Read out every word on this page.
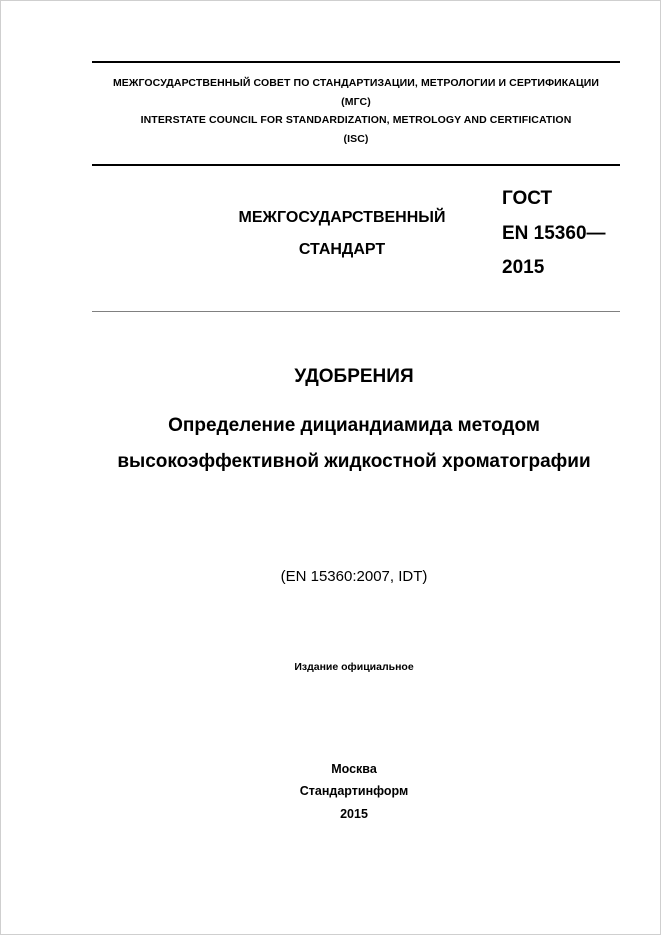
МЕЖГОСУДАРСТВЕННЫЙ СОВЕТ ПО СТАНДАРТИЗАЦИИ, МЕТРОЛОГИИ И СЕРТИФИКАЦИИ
(МГС)
INTERSTATE COUNCIL FOR STANDARDIZATION, METROLOGY AND CERTIFICATION
(ISC)
МЕЖГОСУДАРСТВЕННЫЙ
СТАНДАРТ
ГОСТ
EN 15360—
2015
УДОБРЕНИЯ
Определение дициандиамида методом
высокоэффективной жидкостной хроматографии
(EN 15360:2007, IDT)
Издание официальное
Москва
Стандартинформ
2015
